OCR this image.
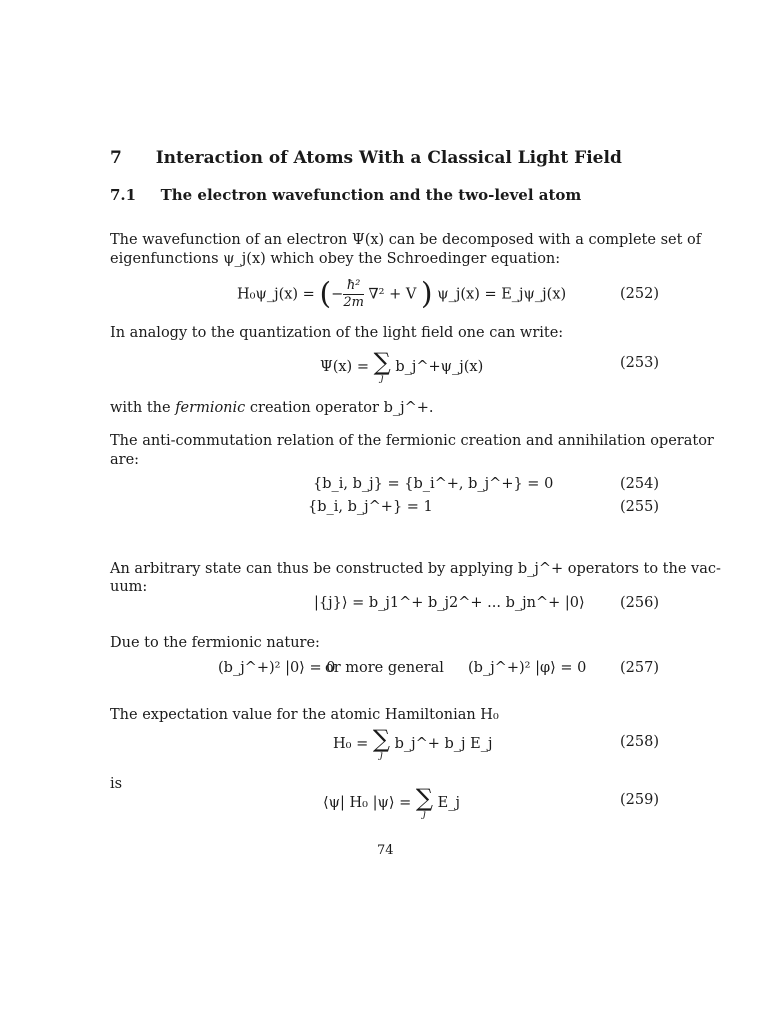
7 Interaction of Atoms With a Classical Light Field
7.1 The electron wavefunction and the two-level atom
The wavefunction of an electron Ψ(x) can be decomposed with a complete set of
eigenfunctions ψ_j(x) which obey the Schroedinger equation:
H₀ψ_j(x) = (− $\frac{\text{ħ²}}{2m} \nabla^2 + V$ ) ψ_j(x) = E_jψ_j(x)	(252)
In analogy to the quantization of the light field one can write:
Ψ(x) = ∑
j
b_j^+ψ_j(x)	(253)
with the fermionic creation operator b_j^+.
The anti-commutation relation of the fermionic creation and annihilation operator
are:
{b_i, b_j} = {b_i^+, b_j^+} = 0	(254)
{b_i, b_j^+} = 1	(255)
An arbitrary state can thus be constructed by applying b_j^+ operators to the vac-
uum:
|{j}⟩ = b_j1^+ b_j2^+ ... b_jn^+ |0⟩ (256)
Due to the fermionic nature:
(b_j^+)² |0⟩ = 0
or more general (b_j^+)² |φ⟩ = 0 (257)
The expectation value for the atomic Hamiltonian H₀
H₀ = ∑
j
b_j^+ b_j E_j	(258)
is
⟨ψ| H₀ |ψ⟩ = ∑
j
E_j	(259)
74
